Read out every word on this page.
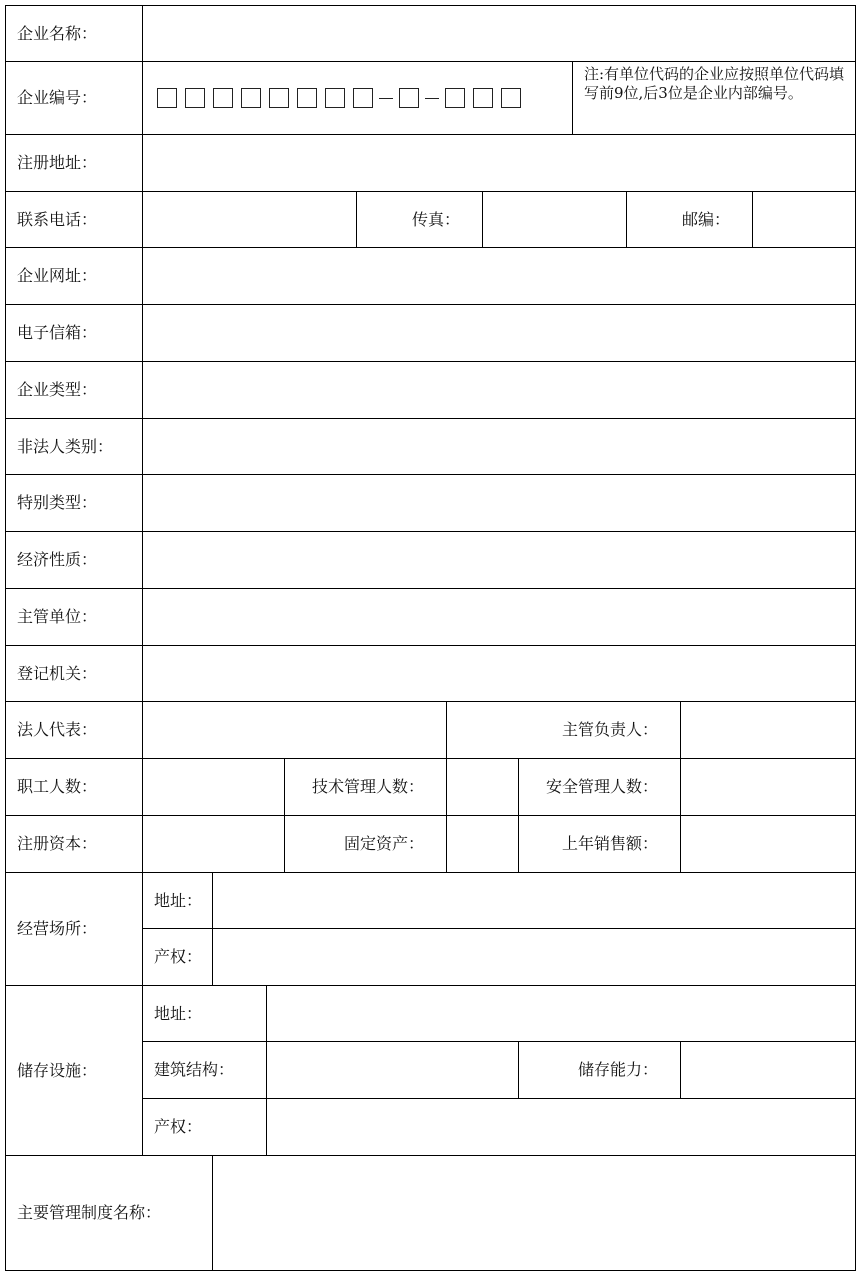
企业名称：
企业编号：
注:有单位代码的企业应按照单位代码填写前9位,后3位是企业内部编号。
注册地址：
联系电话：	传真：	邮编：
企业网址：
电子信箱：
企业类型：
非法人类别：
特别类型：
经济性质：
主管单位：
登记机关：
法人代表：	主管负责人：
职工人数：	技术管理人数：	安全管理人数：
注册资本：	固定资产：	上年销售额：
经营场所：
地址：
产权：
储存设施：
地址：
建筑结构：	储存能力：
产权：
主要管理制度名称：
